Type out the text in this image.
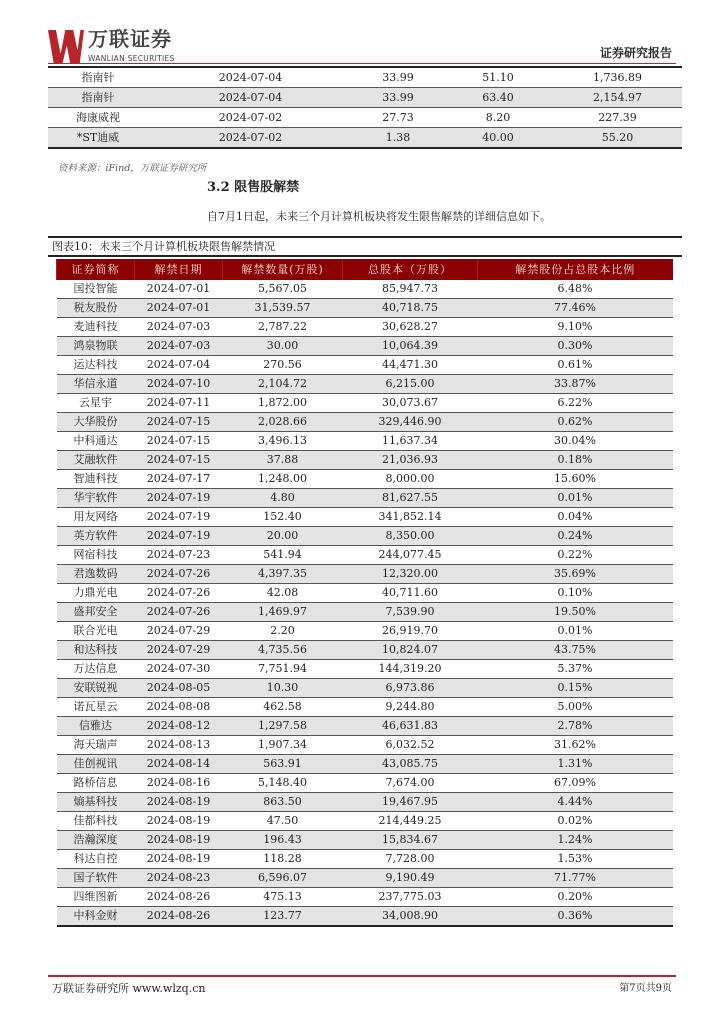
万联证券
WANLIAN SECURITIES	证券研究报告
指南针	2024-07-04	33.99	51.10	1,736.89
指南针	2024-07-04	33.99	63.40	2,154.97
海康威视	2024-07-02	27.73	8.20	227.39
*ST迪威	2024-07-02	1.38	40.00	55.20
资料来源：iFind，万联证券研究所
3.2 限售股解禁
自7月1日起，未来三个月计算机板块将发生限售解禁的详细信息如下。
图表10：未来三个月计算机板块限售解禁情况
证券简称	解禁日期	解禁数量(万股)	总股本（万股）	解禁股份占总股本比例
国投智能	2024-07-01	5,567.05	85,947.73	6.48%
税友股份	2024-07-01	31,539.57	40,718.75	77.46%
麦迪科技	2024-07-03	2,787.22	30,628.27	9.10%
鸿泉物联	2024-07-03	30.00	10,064.39	0.30%
运达科技	2024-07-04	270.56	44,471.30	0.61%
华信永道	2024-07-10	2,104.72	6,215.00	33.87%
云星宇	2024-07-11	1,872.00	30,073.67	6.22%
大华股份	2024-07-15	2,028.66	329,446.90	0.62%
中科通达	2024-07-15	3,496.13	11,637.34	30.04%
艾融软件	2024-07-15	37.88	21,036.93	0.18%
智迪科技	2024-07-17	1,248.00	8,000.00	15.60%
华宇软件	2024-07-19	4.80	81,627.55	0.01%
用友网络	2024-07-19	152.40	341,852.14	0.04%
英方软件	2024-07-19	20.00	8,350.00	0.24%
网宿科技	2024-07-23	541.94	244,077.45	0.22%
君逸数码	2024-07-26	4,397.35	12,320.00	35.69%
力鼎光电	2024-07-26	42.08	40,711.60	0.10%
盛邦安全	2024-07-26	1,469.97	7,539.90	19.50%
联合光电	2024-07-29	2.20	26,919.70	0.01%
和达科技	2024-07-29	4,735.56	10,824.07	43.75%
万达信息	2024-07-30	7,751.94	144,319.20	5.37%
安联锐视	2024-08-05	10.30	6,973.86	0.15%
诺瓦星云	2024-08-08	462.58	9,244.80	5.00%
信雅达	2024-08-12	1,297.58	46,631.83	2.78%
海天瑞声	2024-08-13	1,907.34	6,032.52	31.62%
佳创视讯	2024-08-14	563.91	43,085.75	1.31%
路桥信息	2024-08-16	5,148.40	7,674.00	67.09%
熵基科技	2024-08-19	863.50	19,467.95	4.44%
佳都科技	2024-08-19	47.50	214,449.25	0.02%
浩瀚深度	2024-08-19	196.43	15,834.67	1.24%
科达自控	2024-08-19	118.28	7,728.00	1.53%
国子软件	2024-08-23	6,596.07	9,190.49	71.77%
四维图新	2024-08-26	475.13	237,775.03	0.20%
中科金财	2024-08-26	123.77	34,008.90	0.36%
万联证券研究所 www.wlzq.cn	第7页共9页
